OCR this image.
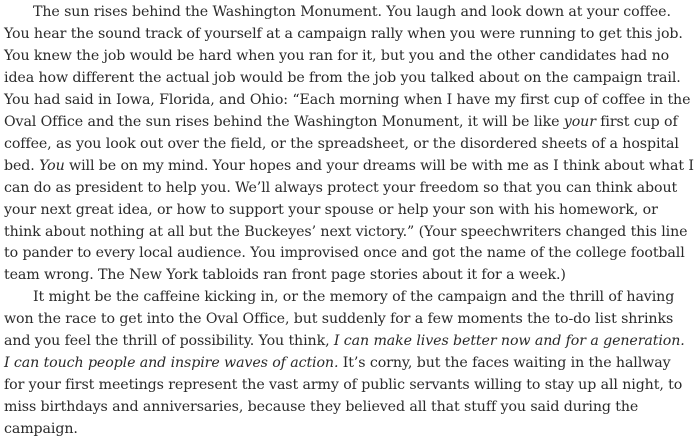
The sun rises behind the Washington Monument. You laugh and look down at your coffee. You hear the sound track of yourself at a campaign rally when you were running to get this job. You knew the job would be hard when you ran for it, but you and the other candidates had no idea how different the actual job would be from the job you talked about on the campaign trail. You had said in Iowa, Florida, and Ohio: “Each morning when I have my first cup of coffee in the Oval Office and the sun rises behind the Washington Monument, it will be like your first cup of coffee, as you look out over the field, or the spreadsheet, or the disordered sheets of a hospital bed. You will be on my mind. Your hopes and your dreams will be with me as I think about what I can do as president to help you. We’ll always protect your freedom so that you can think about your next great idea, or how to support your spouse or help your son with his homework, or think about nothing at all but the Buckeyes’ next victory.” (Your speechwriters changed this line to pander to every local audience. You improvised once and got the name of the college football team wrong. The New York tabloids ran front page stories about it for a week.)

It might be the caffeine kicking in, or the memory of the campaign and the thrill of having won the race to get into the Oval Office, but suddenly for a few moments the to-do list shrinks and you feel the thrill of possibility. You think, I can make lives better now and for a generation. I can touch people and inspire waves of action. It’s corny, but the faces waiting in the hallway for your first meetings represent the vast army of public servants willing to stay up all night, to miss birthdays and anniversaries, because they believed all that stuff you said during the campaign.
